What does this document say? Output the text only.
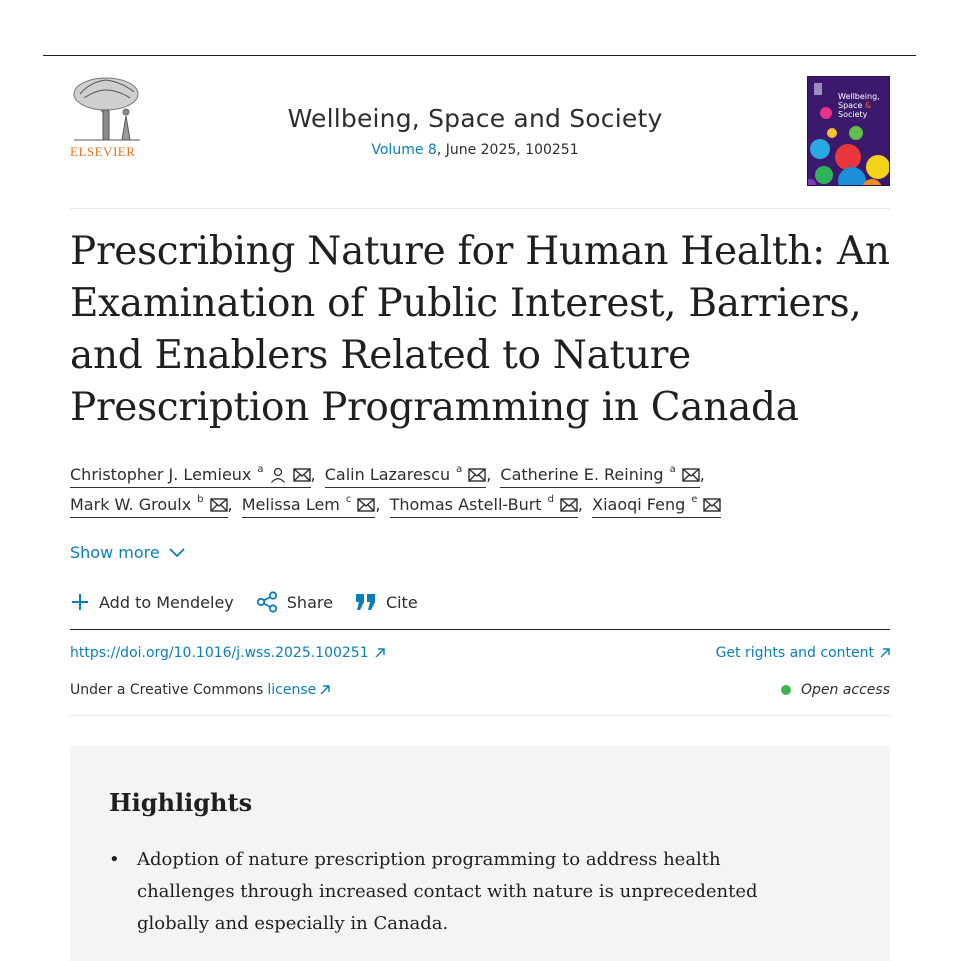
ELSEVIER
Wellbeing, Space and Society
Volume 8, June 2025, 100251
Wellbeing,
Space &
Society
Prescribing Nature for Human Health: An Examination of Public Interest, Barriers, and Enablers Related to Nature Prescription Programming in Canada
Christopher J. Lemieux $^a$	, Calin Lazarescu $^a$ , Catherine E. Reining $^a$ ,

Mark W. Groulx $^b$ , Melissa Lem $^c$ , Thomas Astell-Burt $^d$ , Xiaoqi Feng $^e$
Show more
Add to Mendeley	Share	Cite
https://doi.org/10.1016/j.wss.2025.100251	Get rights and content
Under a Creative Commons license	Open access
Highlights
• Adoption of nature prescription programming to address health challenges through increased contact with nature is unprecedented globally and especially in Canada.
